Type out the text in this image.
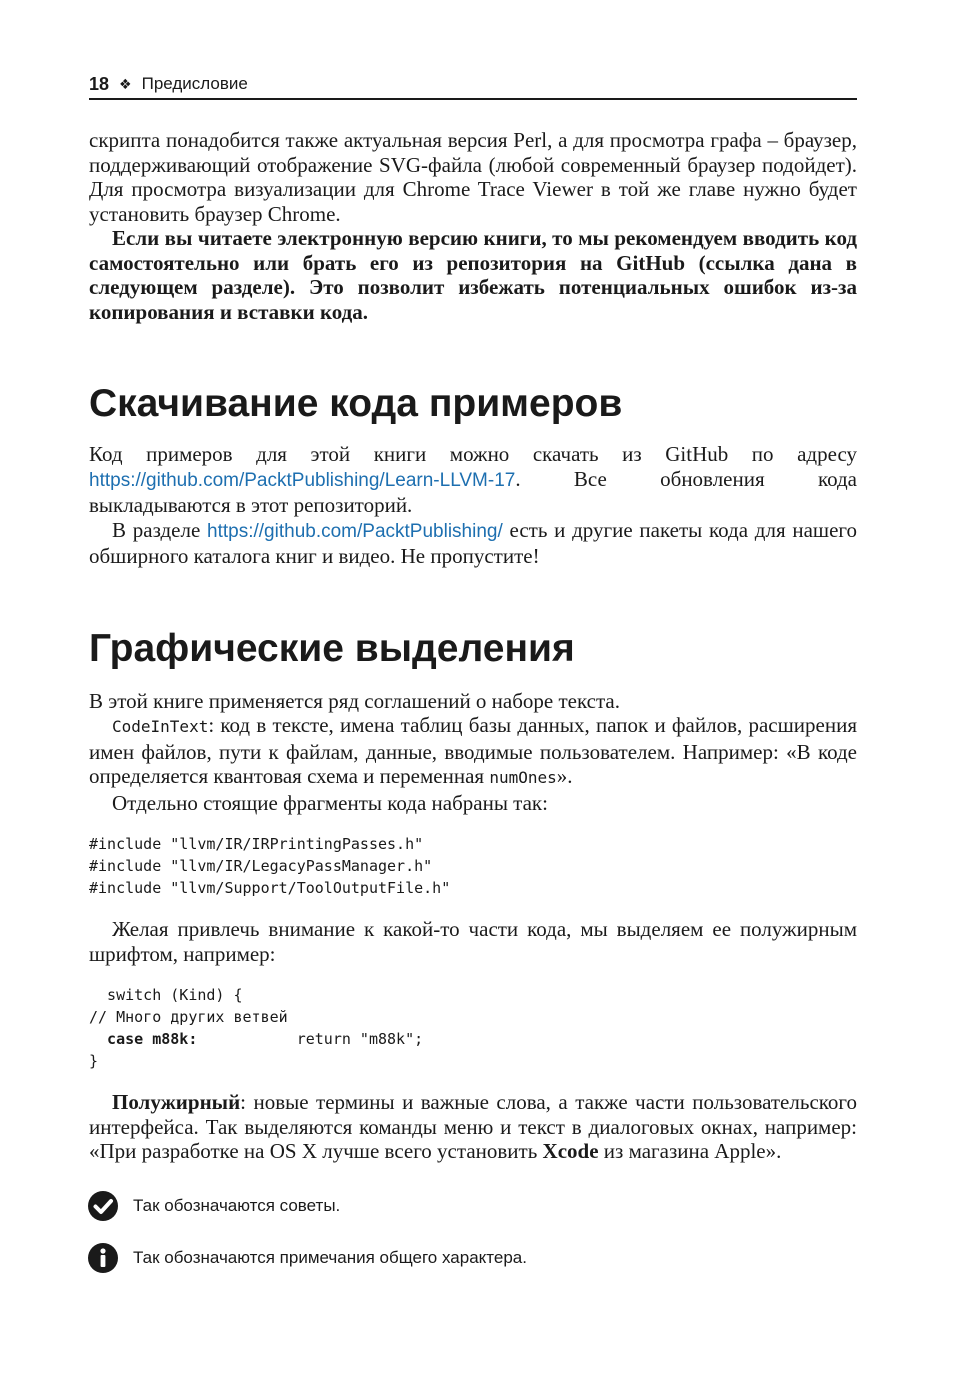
18 ❖ Предисловие

скрипта понадобится также актуальная версия Perl, а для просмотра графа – браузер, поддерживающий отображение SVG-файла (любой современный браузер подойдет). Для просмотра визуализации для Chrome Trace Viewer в той же главе нужно будет установить браузер Chrome.

Если вы читаете электронную версию книги, то мы рекомендуем вводить код самостоятельно или брать его из репозитория на GitHub (ссылка дана в следующем разделе). Это позволит избежать потенциальных ошибок из-за копирования и вставки кода.

Скачивание кода примеров

Код примеров для этой книги можно скачать из GitHub по адресу https://github.com/PacktPublishing/Learn-LLVM-17. Все обновления кода выкладываются в этот репозиторий.

В разделе https://github.com/PacktPublishing/ есть и другие пакеты кода для нашего обширного каталога книг и видео. Не пропустите!

Графические выделения

В этой книге применяется ряд соглашений о наборе текста.

CodeInText: код в тексте, имена таблиц базы данных, папок и файлов, расширения имен файлов, пути к файлам, данные, вводимые пользователем. Например: «В коде определяется квантовая схема и переменная numOnes».

Отдельно стоящие фрагменты кода набраны так:

#include "llvm/IR/IRPrintingPasses.h"
#include "llvm/IR/LegacyPassManager.h"
#include "llvm/Support/ToolOutputFile.h"

Желая привлечь внимание к какой-то части кода, мы выделяем ее полужирным шрифтом, например:

switch (Kind) {
// Много других ветвей
case m88k:           return "m88k";
}

Полужирный: новые термины и важные слова, а также части пользовательского интерфейса. Так выделяются команды меню и текст в диалоговых окнах, например: «При разработке на OS X лучше всего установить Xcode из магазина Apple».

Так обозначаются советы.
Так обозначаются примечания общего характера.
